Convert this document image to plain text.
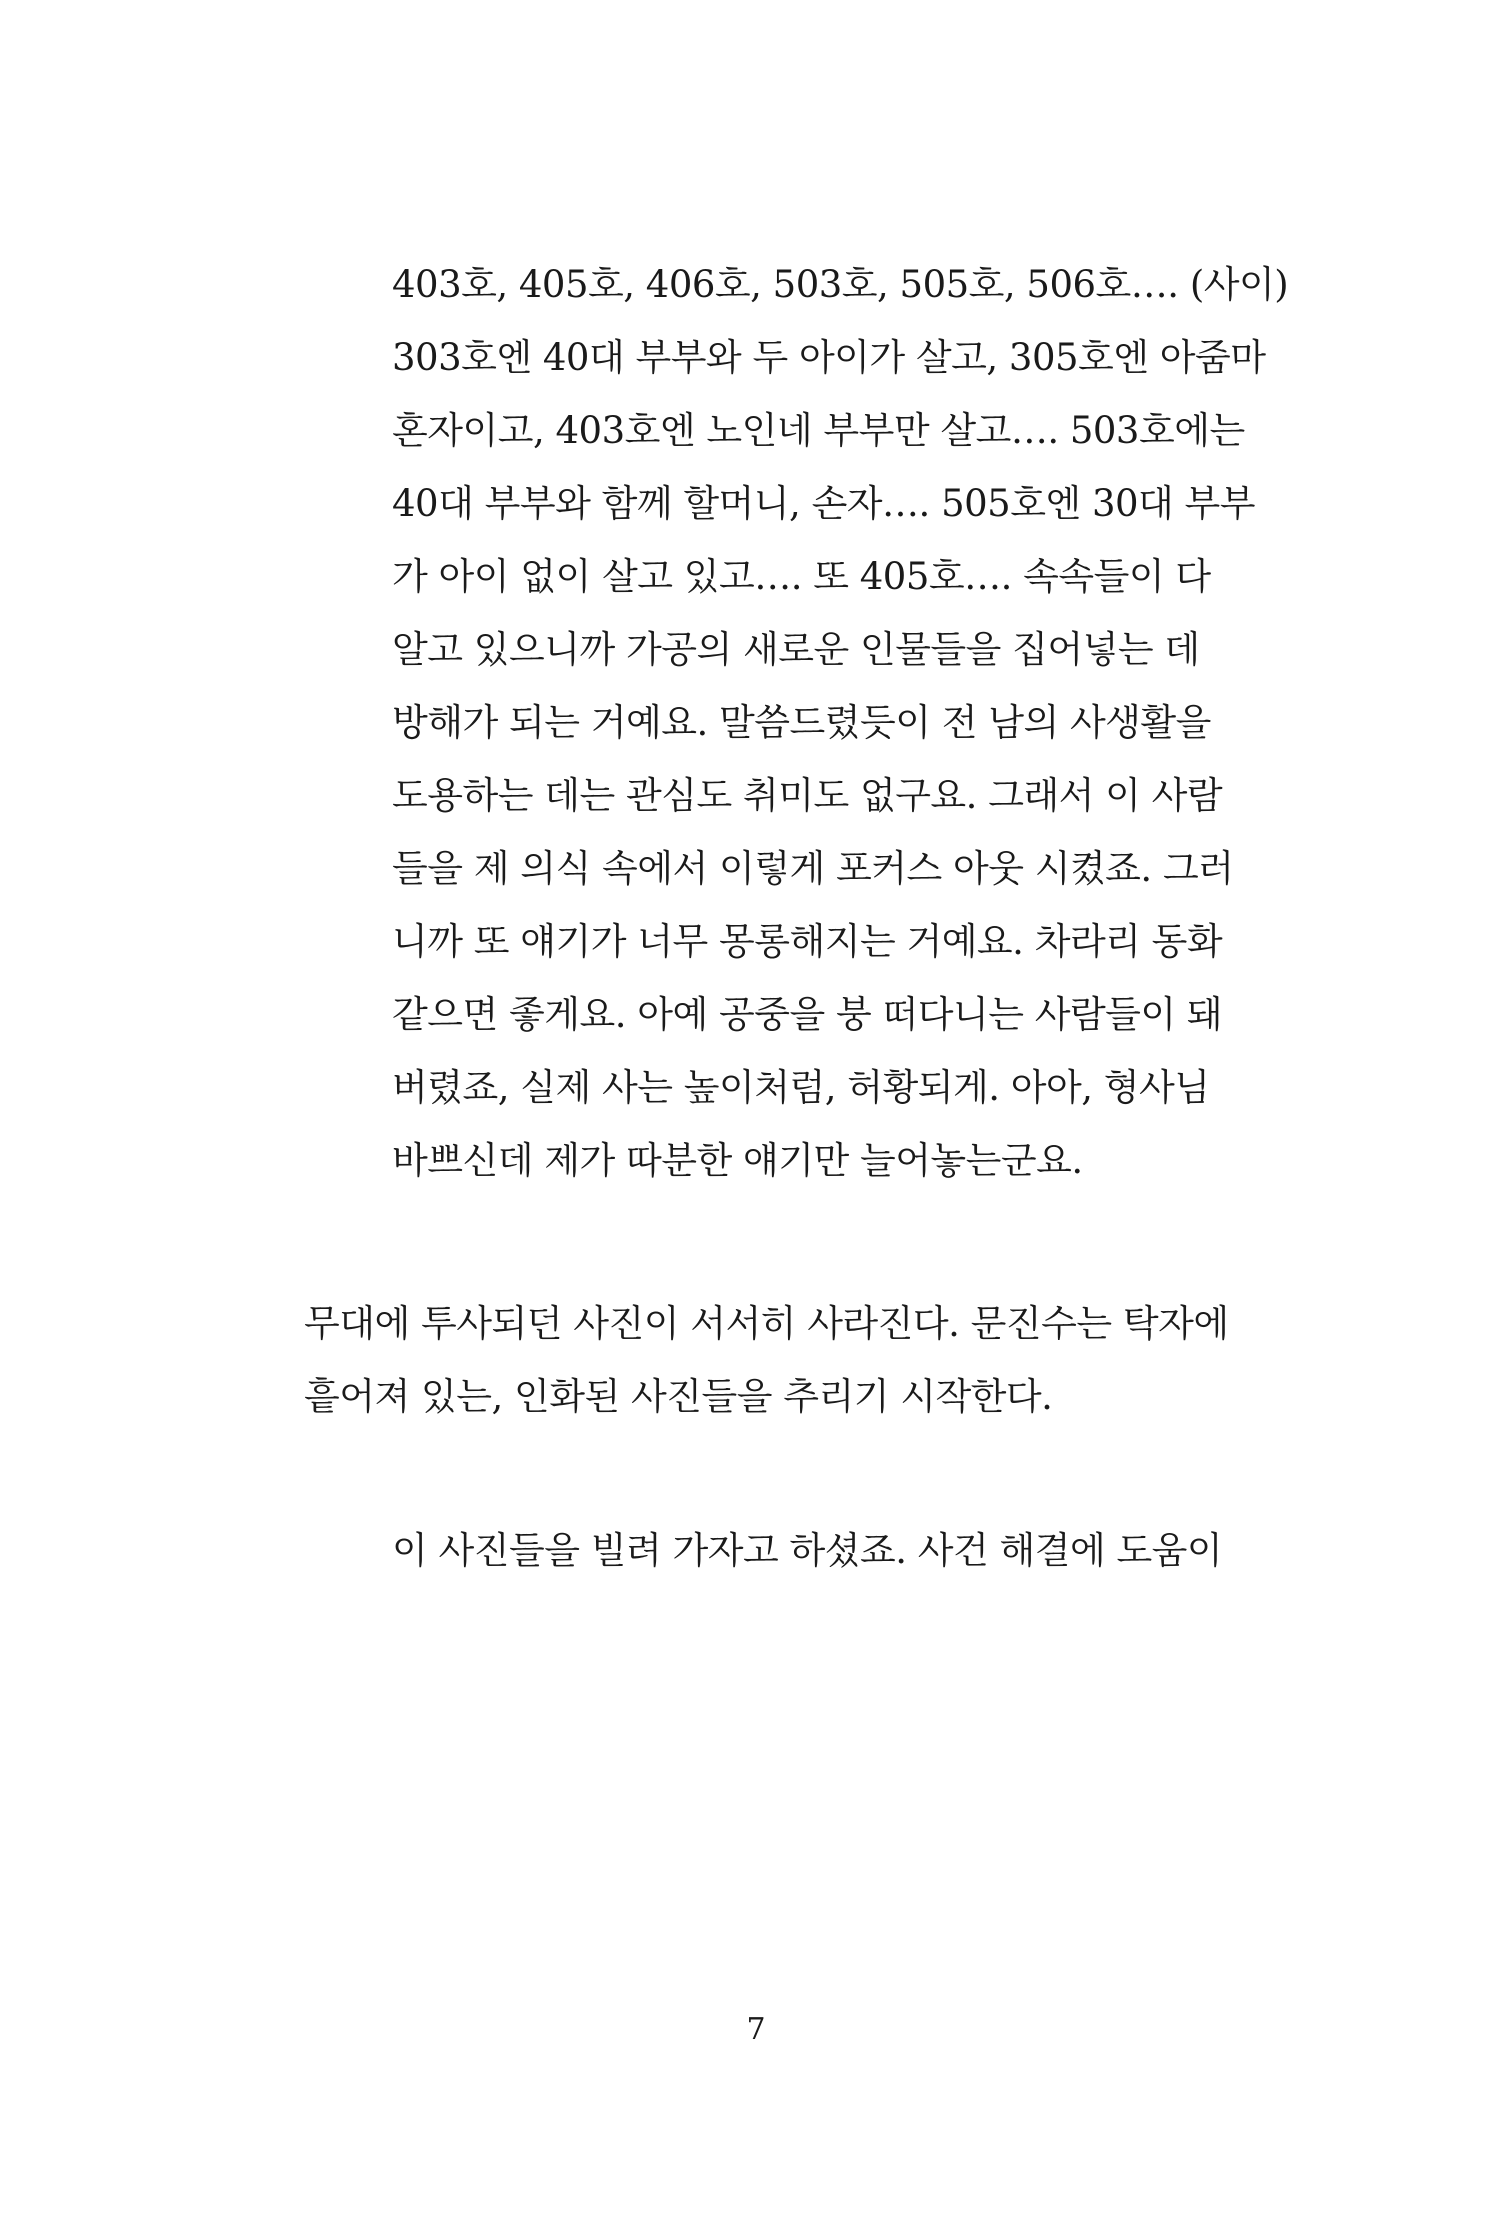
403호, 405호, 406호, 503호, 505호, 506호…. (사이)
303호엔 40대 부부와 두 아이가 살고, 305호엔 아줌마
혼자이고, 403호엔 노인네 부부만 살고…. 503호에는
40대 부부와 함께 할머니, 손자…. 505호엔 30대 부부
가 아이 없이 살고 있고…. 또 405호…. 속속들이 다
알고 있으니까 가공의 새로운 인물들을 집어넣는 데
방해가 되는 거예요. 말씀드렸듯이 전 남의 사생활을
도용하는 데는 관심도 취미도 없구요. 그래서 이 사람
들을 제 의식 속에서 이렇게 포커스 아웃 시켰죠. 그러
니까 또 얘기가 너무 몽롱해지는 거예요. 차라리 동화
같으면 좋게요. 아예 공중을 붕 떠다니는 사람들이 돼
버렸죠, 실제 사는 높이처럼, 허황되게. 아아, 형사님
바쁘신데 제가 따분한 얘기만 늘어놓는군요.
무대에 투사되던 사진이 서서히 사라진다. 문진수는 탁자에
흩어져 있는, 인화된 사진들을 추리기 시작한다.
이 사진들을 빌려 가자고 하셨죠. 사건 해결에 도움이
7
